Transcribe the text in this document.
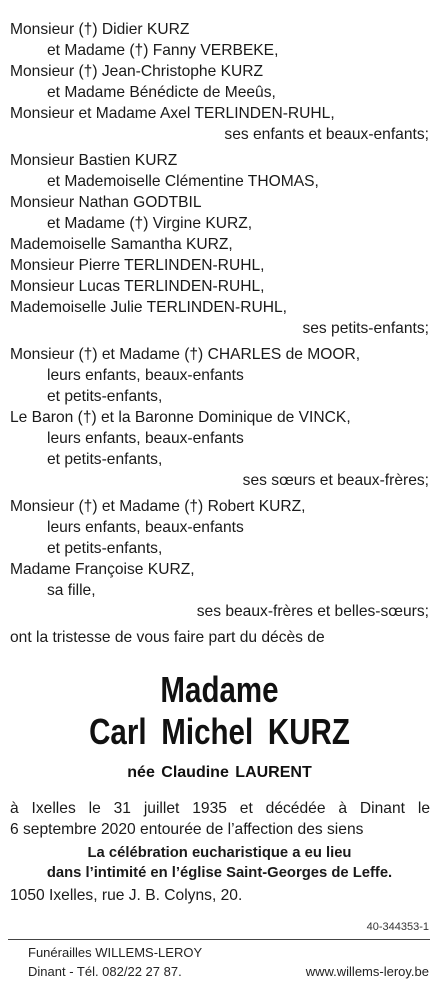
Monsieur (†) Didier KURZ
et Madame (†) Fanny VERBEKE,
Monsieur (†) Jean-Christophe KURZ
et Madame Bénédicte de Meeûs,
Monsieur et Madame Axel TERLINDEN-RUHL,
ses enfants et beaux-enfants;
Monsieur Bastien KURZ
et Mademoiselle Clémentine THOMAS,
Monsieur Nathan GODTBIL
et Madame (†) Virgine KURZ,
Mademoiselle Samantha KURZ,
Monsieur Pierre TERLINDEN-RUHL,
Monsieur Lucas TERLINDEN-RUHL,
Mademoiselle Julie TERLINDEN-RUHL,
ses petits-enfants;
Monsieur (†) et Madame (†) CHARLES de MOOR,
leurs enfants, beaux-enfants
et petits-enfants,
Le Baron (†) et la Baronne Dominique de VINCK,
leurs enfants, beaux-enfants
et petits-enfants,
ses sœurs et beaux-frères;
Monsieur (†) et Madame (†) Robert KURZ,
leurs enfants, beaux-enfants
et petits-enfants,
Madame Françoise KURZ,
sa fille,
ses beaux-frères et belles-sœurs;
ont la tristesse de vous faire part du décès de
Madame
Carl Michel KURZ
née Claudine LAURENT
à Ixelles le 31 juillet 1935 et décédée à Dinant le
6 septembre 2020 entourée de l’affection des siens
La célébration eucharistique a eu lieu
dans l’intimité en l’église Saint-Georges de Leffe.
1050 Ixelles, rue J. B. Colyns, 20.
40-344353-1
Funérailles WILLEMS-LEROY
Dinant - Tél. 082/22 27 87.	www.willems-leroy.be
